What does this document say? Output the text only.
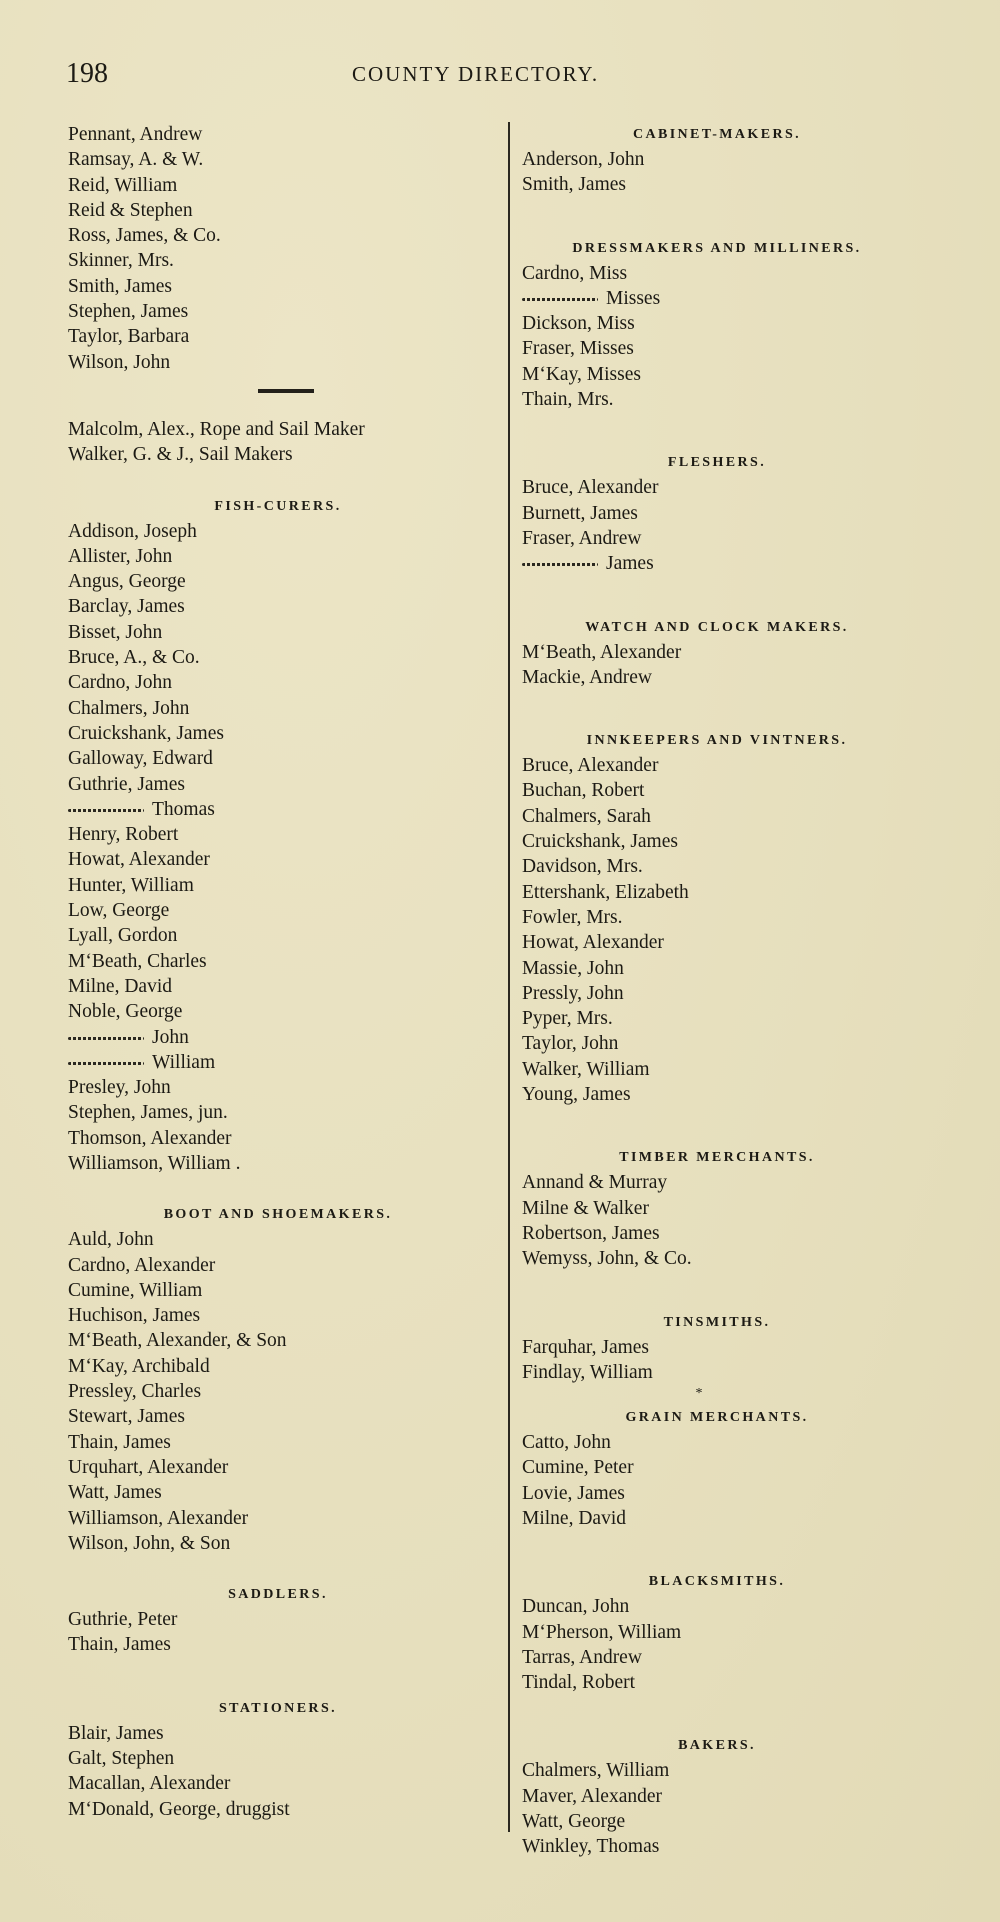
198	COUNTY DIRECTORY.
Pennant, Andrew
Ramsay, A. & W.
Reid, William
Reid & Stephen
Ross, James, & Co.
Skinner, Mrs.
Smith, James
Stephen, James
Taylor, Barbara
Wilson, John
Malcolm, Alex., Rope and Sail Maker
Walker, G. & J., Sail Makers
FISH-CURERS.
Addison, Joseph
Allister, John
Angus, George
Barclay, James
Bisset, John
Bruce, A., & Co.
Cardno, John
Chalmers, John
Cruickshank, James
Galloway, Edward
Guthrie, James
Thomas
Henry, Robert
Howat, Alexander
Hunter, William
Low, George
Lyall, Gordon
M‘Beath, Charles
Milne, David
Noble, George
John
William
Presley, John
Stephen, James, jun.
Thomson, Alexander
Williamson, William .
BOOT AND SHOEMAKERS.
Auld, John
Cardno, Alexander
Cumine, William
Huchison, James
M‘Beath, Alexander, & Son
M‘Kay, Archibald
Pressley, Charles
Stewart, James
Thain, James
Urquhart, Alexander
Watt, James
Williamson, Alexander
Wilson, John, & Son
SADDLERS.
Guthrie, Peter
Thain, James
STATIONERS.
Blair, James
Galt, Stephen
Macallan, Alexander
M‘Donald, George, druggist
CABINET-MAKERS.
Anderson, John
Smith, James
DRESSMAKERS AND MILLINERS.
Cardno, Miss
Misses
Dickson, Miss
Fraser, Misses
M‘Kay, Misses
Thain, Mrs.
FLESHERS.
Bruce, Alexander
Burnett, James
Fraser, Andrew
James
WATCH AND CLOCK MAKERS.
M‘Beath, Alexander
Mackie, Andrew
INNKEEPERS AND VINTNERS.
Bruce, Alexander
Buchan, Robert
Chalmers, Sarah
Cruickshank, James
Davidson, Mrs.
Ettershank, Elizabeth
Fowler, Mrs.
Howat, Alexander
Massie, John
Pressly, John
Pyper, Mrs.
Taylor, John
Walker, William
Young, James
TIMBER MERCHANTS.
Annand & Murray
Milne & Walker
Robertson, James
Wemyss, John, & Co.
TINSMITHS.
Farquhar, James
Findlay, William
*
GRAIN MERCHANTS.
Catto, John
Cumine, Peter
Lovie, James
Milne, David
BLACKSMITHS.
Duncan, John
M‘Pherson, William
Tarras, Andrew
Tindal, Robert
BAKERS.
Chalmers, William
Maver, Alexander
Watt, George
Winkley, Thomas
